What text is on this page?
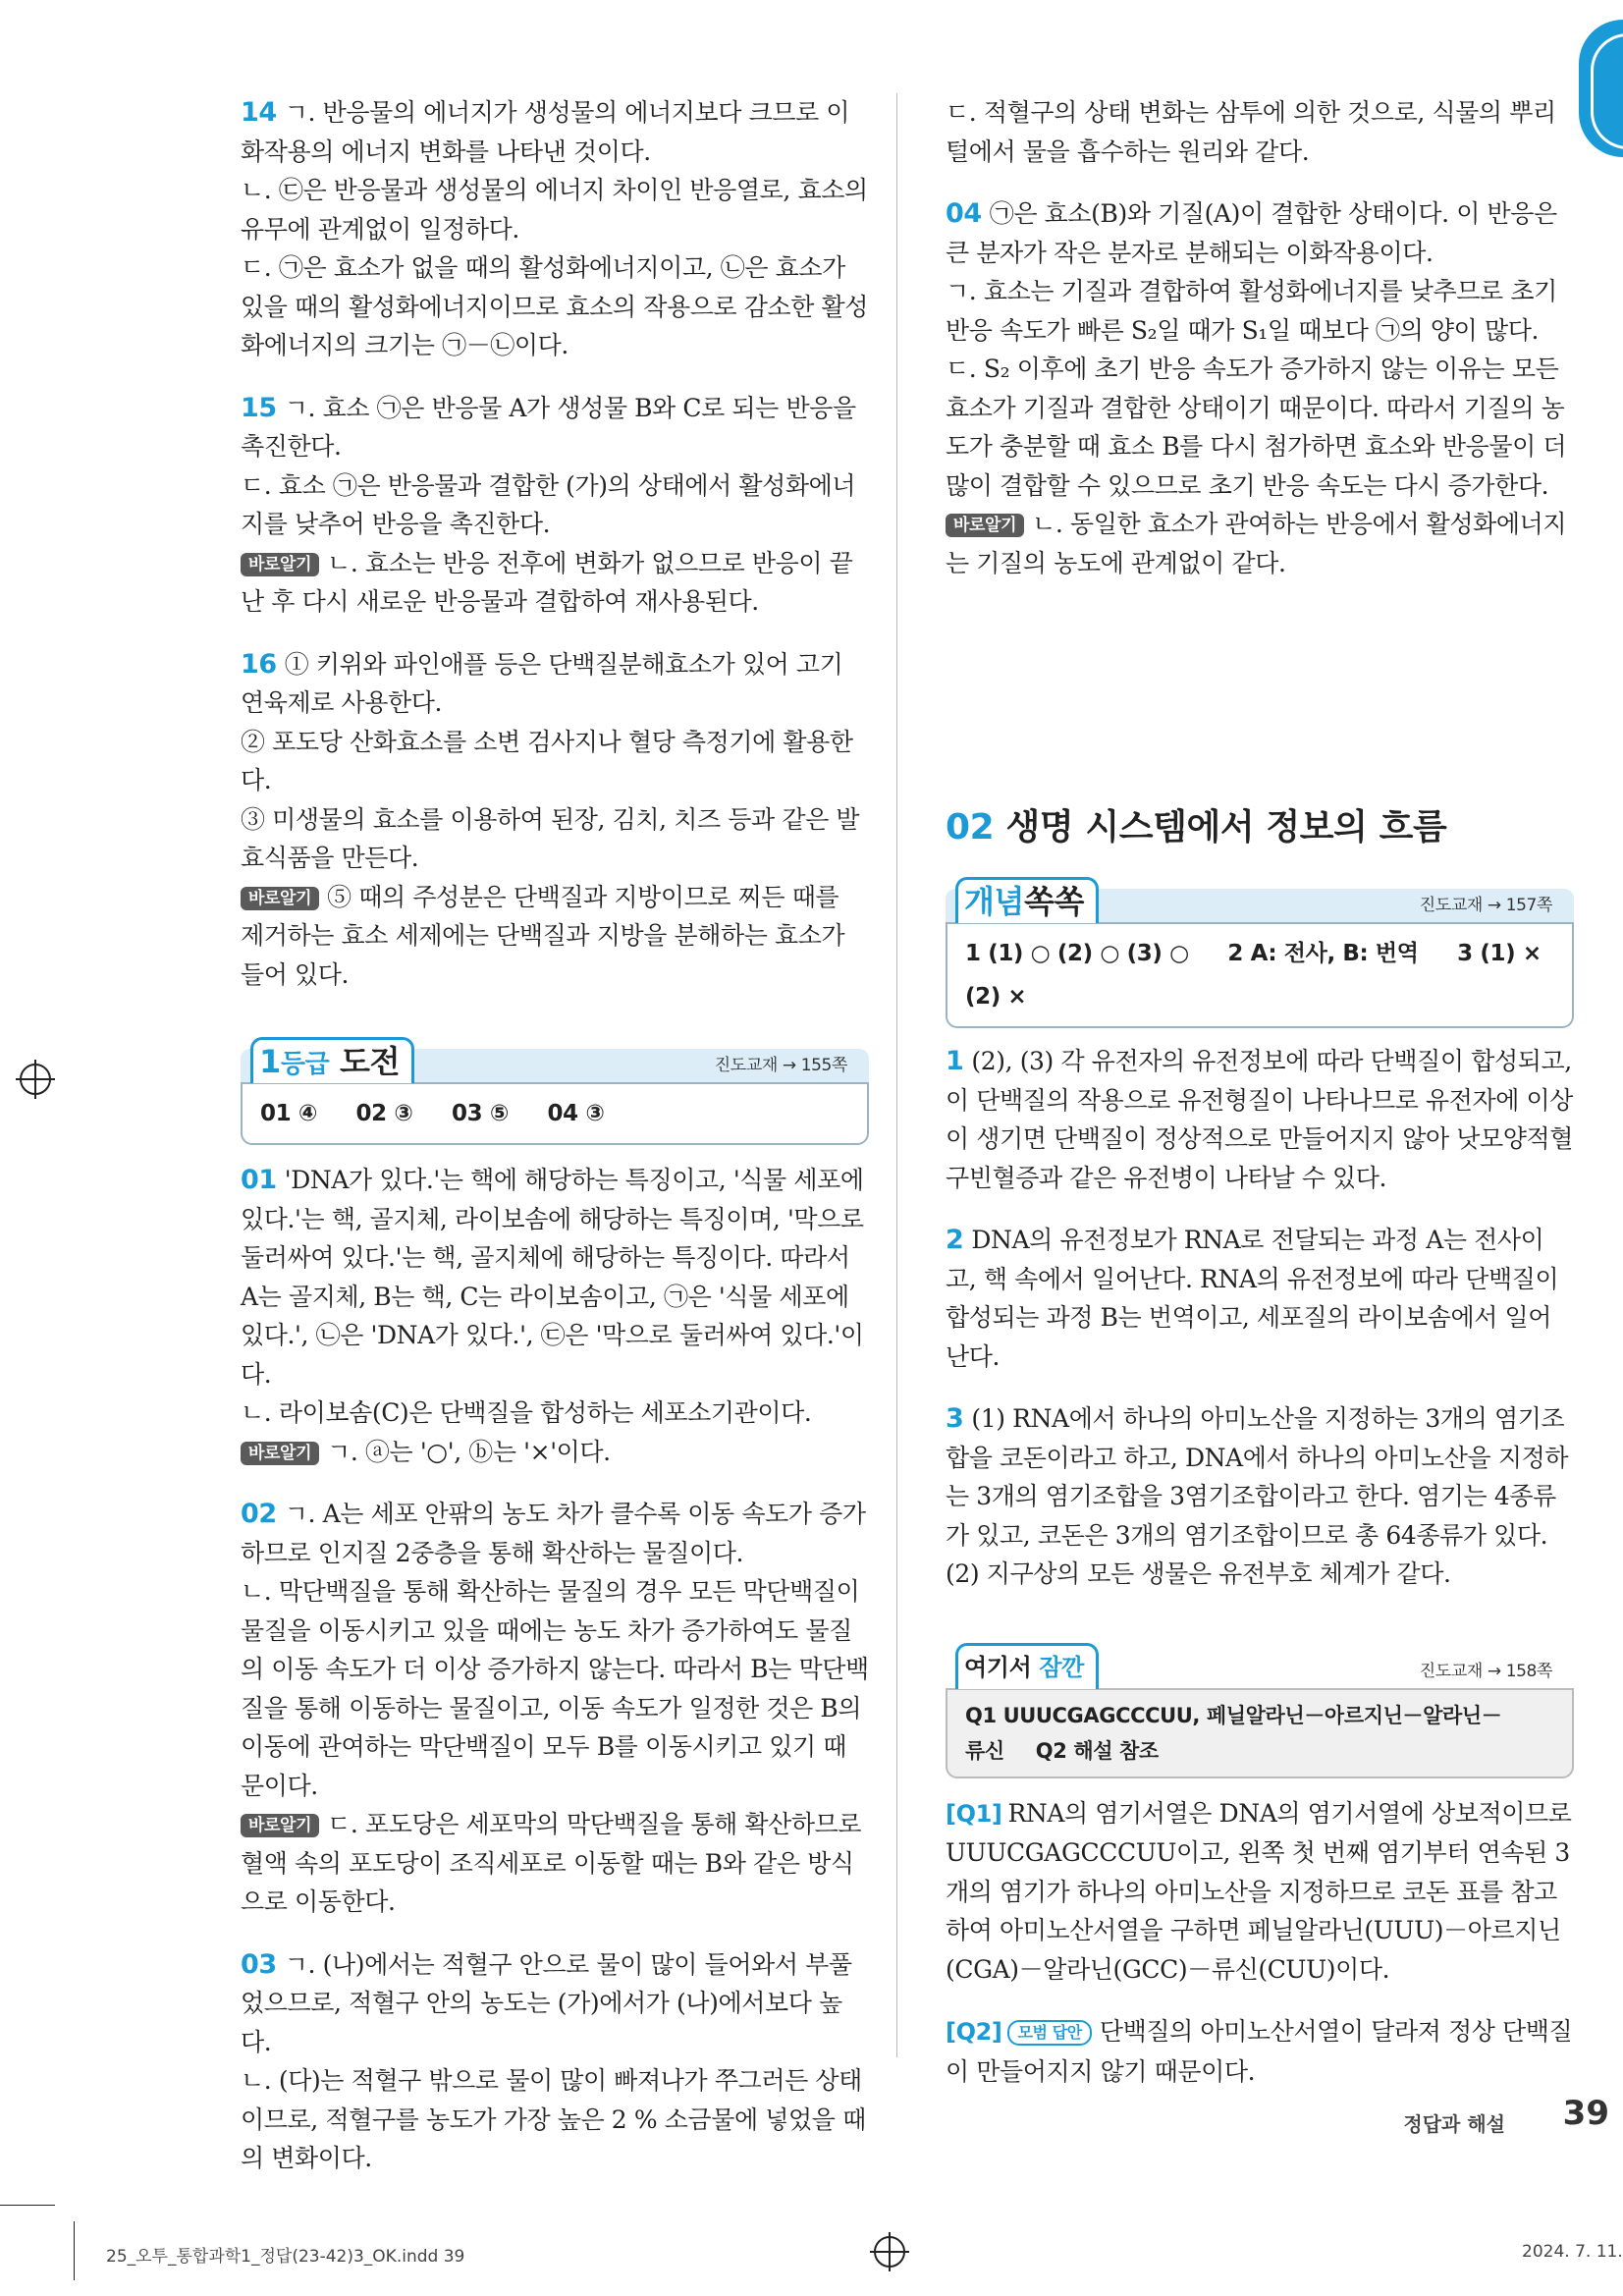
14 ㄱ. 반응물의 에너지가 생성물의 에너지보다 크므로 이화작용의 에너지 변화를 나타낸 것이다.

ㄴ. ㉢은 반응물과 생성물의 에너지 차이인 반응열로, 효소의 유무에 관계없이 일정하다.

ㄷ. ㉠은 효소가 없을 때의 활성화에너지이고, ㉡은 효소가 있을 때의 활성화에너지이므로 효소의 작용으로 감소한 활성화에너지의 크기는 ㉠－㉡이다.

15 ㄱ. 효소 ㉠은 반응물 A가 생성물 B와 C로 되는 반응을 촉진한다.

ㄷ. 효소 ㉠은 반응물과 결합한 (가)의 상태에서 활성화에너지를 낮추어 반응을 촉진한다.

바로알기 ㄴ. 효소는 반응 전후에 변화가 없으므로 반응이 끝난 후 다시 새로운 반응물과 결합하여 재사용된다.

16 ① 키위와 파인애플 등은 단백질분해효소가 있어 고기 연육제로 사용한다.

② 포도당 산화효소를 소변 검사지나 혈당 측정기에 활용한다.

③ 미생물의 효소를 이용하여 된장, 김치, 치즈 등과 같은 발효식품을 만든다.

바로알기 ⑤ 때의 주성분은 단백질과 지방이므로 찌든 때를 제거하는 효소 세제에는 단백질과 지방을 분해하는 효소가 들어 있다.

1등급 도전	진도교재 → 155쪽
01 ④ 02 ③ 03 ⑤ 04 ③

01 'DNA가 있다.'는 핵에 해당하는 특징이고, '식물 세포에 있다.'는 핵, 골지체, 라이보솜에 해당하는 특징이며, '막으로 둘러싸여 있다.'는 핵, 골지체에 해당하는 특징이다. 따라서 A는 골지체, B는 핵, C는 라이보솜이고, ㉠은 '식물 세포에 있다.', ㉡은 'DNA가 있다.', ㉢은 '막으로 둘러싸여 있다.'이다.

ㄴ. 라이보솜(C)은 단백질을 합성하는 세포소기관이다.

바로알기 ㄱ. ⓐ는 '○', ⓑ는 '×'이다.

02 ㄱ. A는 세포 안팎의 농도 차가 클수록 이동 속도가 증가하므로 인지질 2중층을 통해 확산하는 물질이다.

ㄴ. 막단백질을 통해 확산하는 물질의 경우 모든 막단백질이 물질을 이동시키고 있을 때에는 농도 차가 증가하여도 물질의 이동 속도가 더 이상 증가하지 않는다. 따라서 B는 막단백질을 통해 이동하는 물질이고, 이동 속도가 일정한 것은 B의 이동에 관여하는 막단백질이 모두 B를 이동시키고 있기 때문이다.

바로알기 ㄷ. 포도당은 세포막의 막단백질을 통해 확산하므로 혈액 속의 포도당이 조직세포로 이동할 때는 B와 같은 방식으로 이동한다.

03 ㄱ. (나)에서는 적혈구 안으로 물이 많이 들어와서 부풀었으므로, 적혈구 안의 농도는 (가)에서가 (나)에서보다 높다.

ㄴ. (다)는 적혈구 밖으로 물이 많이 빠져나가 쭈그러든 상태이므로, 적혈구를 농도가 가장 높은 2 % 소금물에 넣었을 때의 변화이다.

ㄷ. 적혈구의 상태 변화는 삼투에 의한 것으로, 식물의 뿌리털에서 물을 흡수하는 원리와 같다.

04 ㉠은 효소(B)와 기질(A)이 결합한 상태이다. 이 반응은 큰 분자가 작은 분자로 분해되는 이화작용이다.

ㄱ. 효소는 기질과 결합하여 활성화에너지를 낮추므로 초기 반응 속도가 빠른 S₂일 때가 S₁일 때보다 ㉠의 양이 많다.

ㄷ. S₂ 이후에 초기 반응 속도가 증가하지 않는 이유는 모든 효소가 기질과 결합한 상태이기 때문이다. 따라서 기질의 농도가 충분할 때 효소 B를 다시 첨가하면 효소와 반응물이 더 많이 결합할 수 있으므로 초기 반응 속도는 다시 증가한다.

바로알기 ㄴ. 동일한 효소가 관여하는 반응에서 활성화에너지는 기질의 농도에 관계없이 같다.

02 생명 시스템에서 정보의 흐름
개념쏙쏙	진도교재 → 157쪽
1 (1) ○ (2) ○ (3) ○ 2 A: 전사, B: 번역 3 (1) × (2) ×

1 (2), (3) 각 유전자의 유전정보에 따라 단백질이 합성되고, 이 단백질의 작용으로 유전형질이 나타나므로 유전자에 이상이 생기면 단백질이 정상적으로 만들어지지 않아 낫모양적혈구빈혈증과 같은 유전병이 나타날 수 있다.

2 DNA의 유전정보가 RNA로 전달되는 과정 A는 전사이고, 핵 속에서 일어난다. RNA의 유전정보에 따라 단백질이 합성되는 과정 B는 번역이고, 세포질의 라이보솜에서 일어난다.

3 (1) RNA에서 하나의 아미노산을 지정하는 3개의 염기조합을 코돈이라고 하고, DNA에서 하나의 아미노산을 지정하는 3개의 염기조합을 3염기조합이라고 한다. 염기는 4종류가 있고, 코돈은 3개의 염기조합이므로 총 64종류가 있다.

(2) 지구상의 모든 생물은 유전부호 체계가 같다.

여기서 잠깐	진도교재 → 158쪽
Q1 UUUCGAGCCCUU, 페닐알라닌－아르지닌－알라닌－
류신 Q2 해설 참조

[Q1] RNA의 염기서열은 DNA의 염기서열에 상보적이므로 UUUCGAGCCCUU이고, 왼쪽 첫 번째 염기부터 연속된 3개의 염기가 하나의 아미노산을 지정하므로 코돈 표를 참고하여 아미노산서열을 구하면 페닐알라닌(UUU)－아르지닌(CGA)－알라닌(GCC)－류신(CUU)이다.

[Q2] 모범 답안 단백질의 아미노산서열이 달라져 정상 단백질이 만들어지지 않기 때문이다.

정답과 해설 39
25_오투_통합과학1_정답(23-42)3_OK.indd 39	2024. 7. 11.
